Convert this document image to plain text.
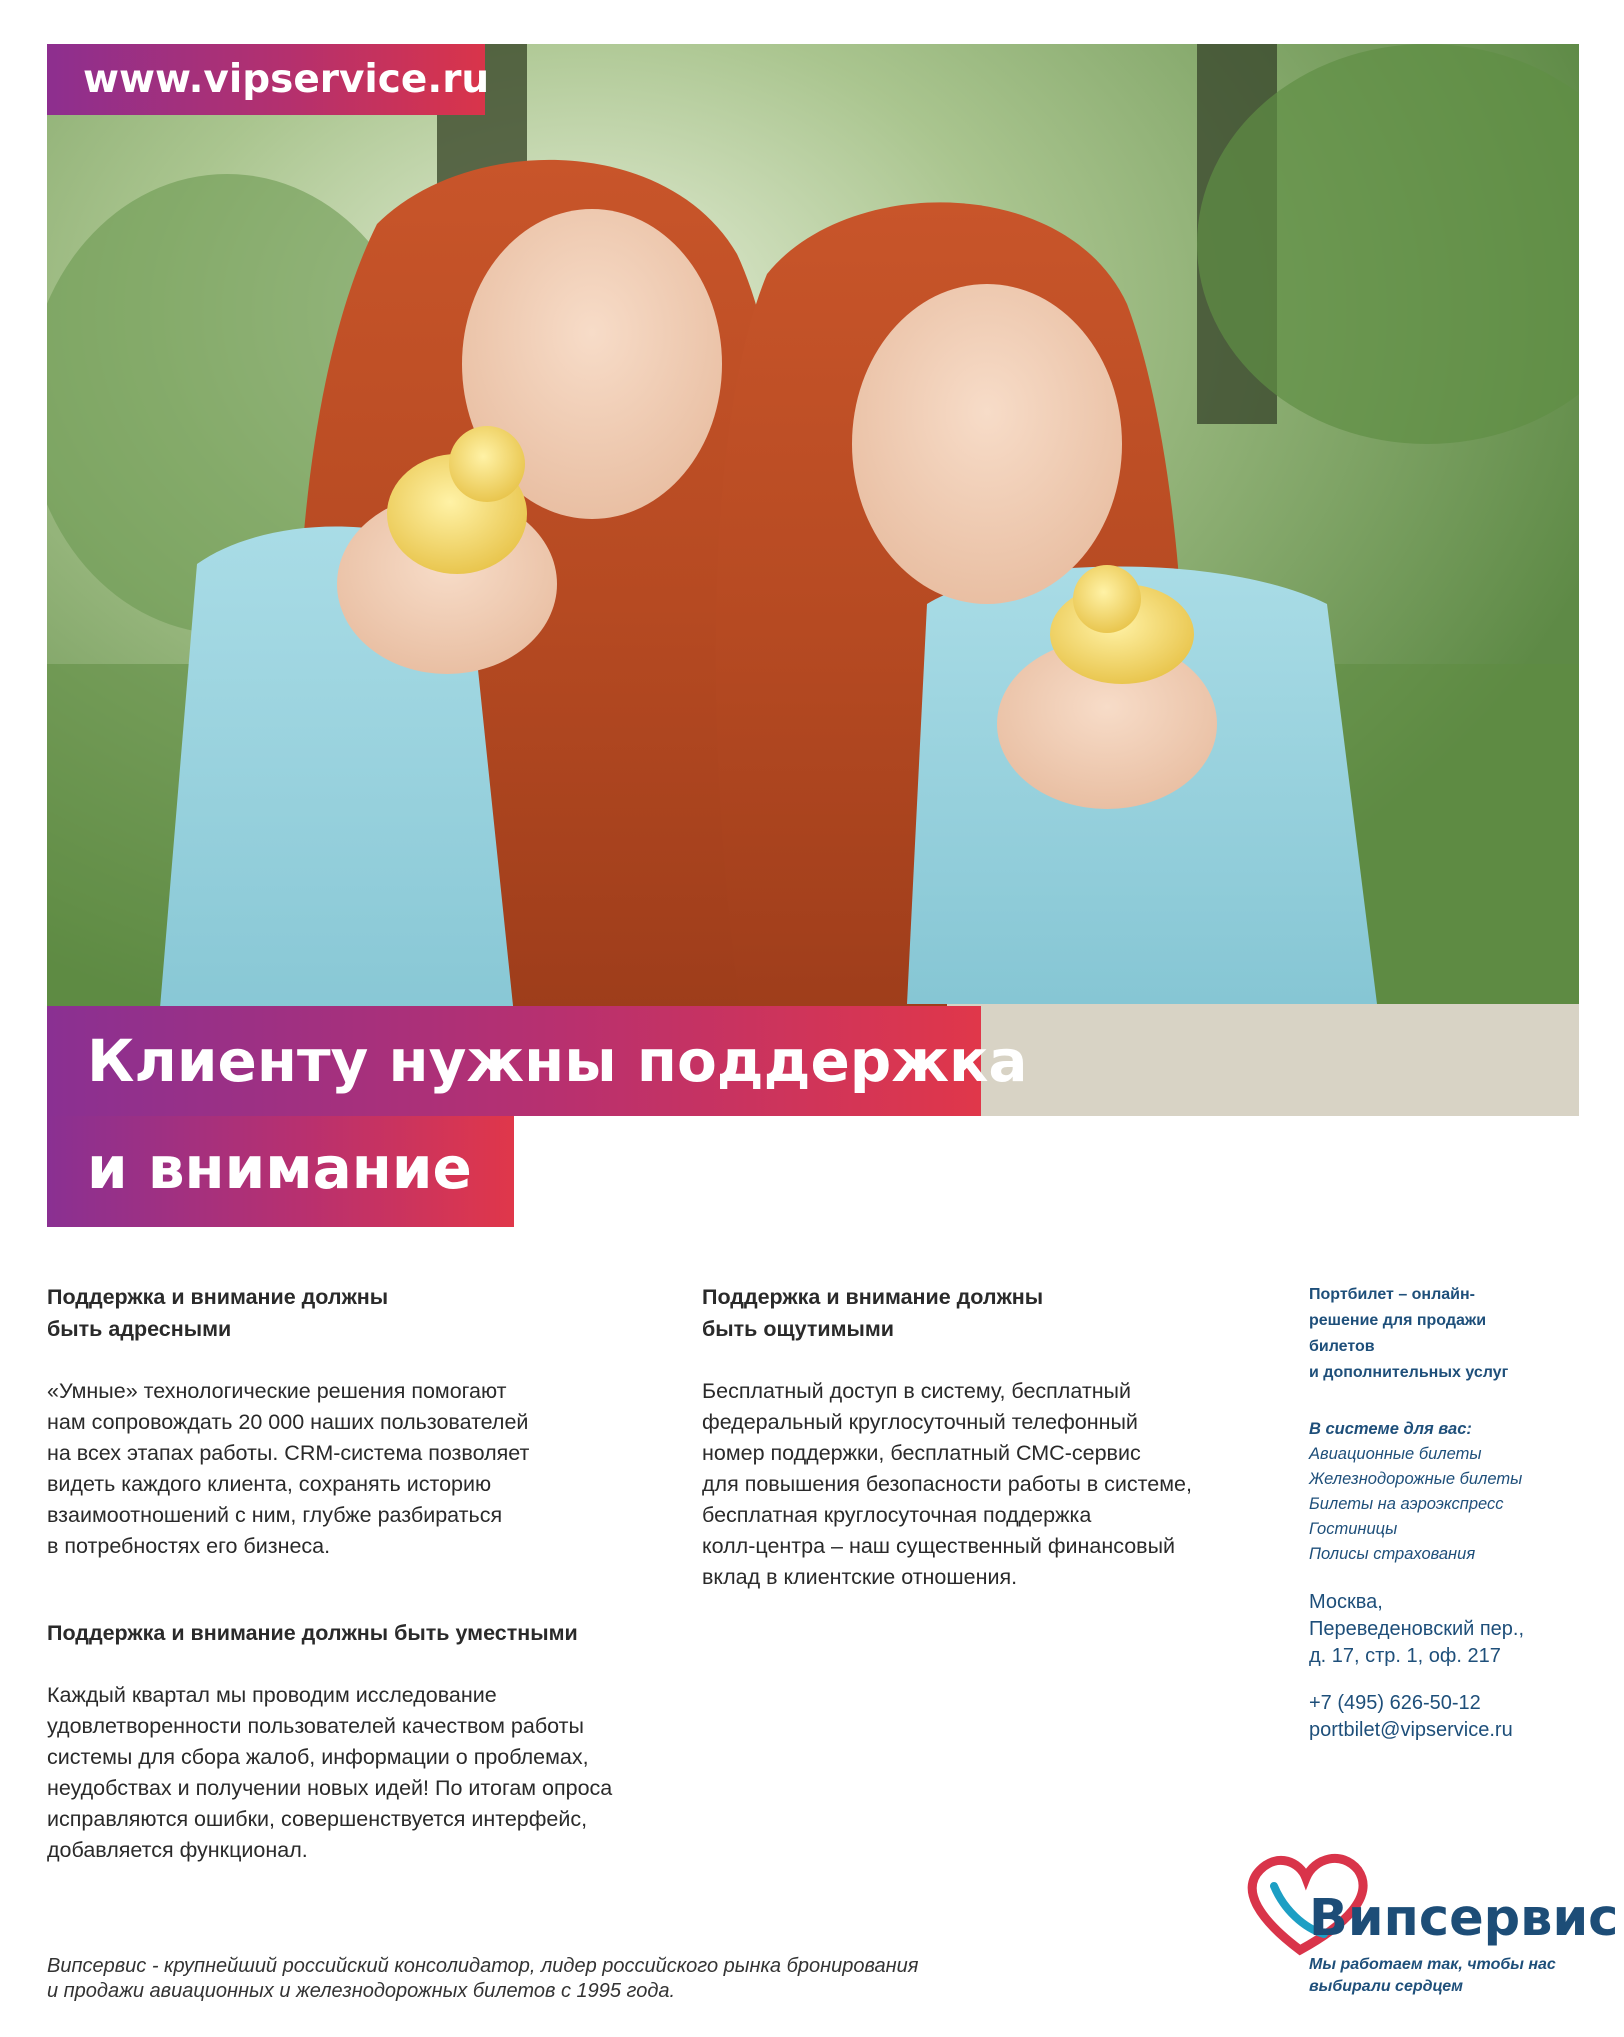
www.vipservice.ru
Клиенту нужны поддержка
и внимание
Поддержка и внимание должны
быть адресными

«Умные» технологические решения помогают
нам сопровождать 20 000 наших пользователей
на всех этапах работы. CRM-система позволяет
видеть каждого клиента, сохранять историю
взаимоотношений с ним, глубже разбираться
в потребностях его бизнеса.

Поддержка и внимание должны быть уместными

Каждый квартал мы проводим исследование
удовлетворенности пользователей качеством работы
системы для сбора жалоб, информации о проблемах,
неудобствах и получении новых идей! По итогам опроса
исправляются ошибки, совершенствуется интерфейс,
добавляется функционал.

Поддержка и внимание должны
быть ощутимыми

Бесплатный доступ в систему, бесплатный
федеральный круглосуточный телефонный
номер поддержки, бесплатный СМС-сервис
для повышения безопасности работы в системе,
бесплатная круглосуточная поддержка
колл-центра – наш существенный финансовый
вклад в клиентские отношения.

Портбилет – онлайн-
решение для продажи
билетов
и дополнительных услуг
В системе для вас:
Авиационные билеты
Железнодорожные билеты
Билеты на аэроэкспресс
Гостиницы
Полисы страхования
Москва,
Переведеновский пер.,
д. 17, стр. 1, оф. 217
+7 (495) 626-50-12
portbilet@vipservice.ru
Випсервис
Мы работаем так, чтобы нас
выбирали сердцем
Випсервис - крупнейший российский консолидатор, лидер российского рынка бронирования
и продажи авиационных и железнодорожных билетов с 1995 года.
